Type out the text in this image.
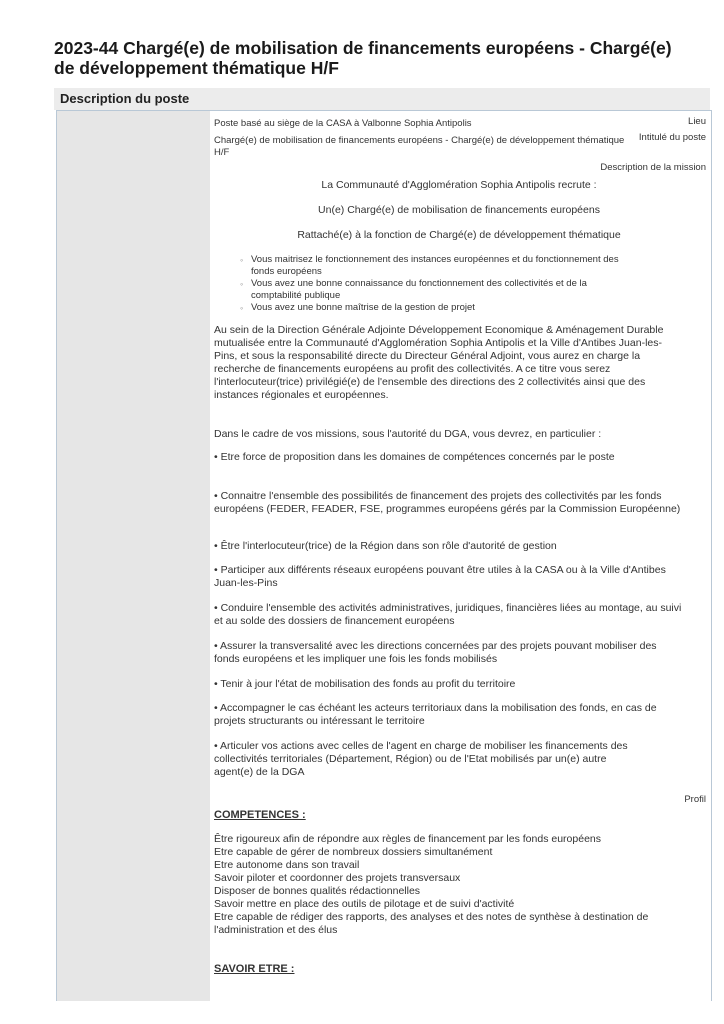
2023-44 Chargé(e) de mobilisation de financements européens - Chargé(e) de développement thématique H/F
Description du poste
Lieu
Poste basé au siège de la CASA à Valbonne Sophia Antipolis
Intitulé du poste
Chargé(e) de mobilisation de financements européens - Chargé(e) de développement thématique H/F
Description de la mission
La Communauté d'Agglomération Sophia Antipolis recrute :
Un(e) Chargé(e) de mobilisation de financements européens
Rattaché(e) à la fonction de Chargé(e) de développement thématique
◦ Vous maitrisez le fonctionnement des instances européennes et du fonctionnement des fonds européens
◦ Vous avez une bonne connaissance du fonctionnement des collectivités et de la comptabilité publique
◦ Vous avez une bonne maîtrise de la gestion de projet

Au sein de la Direction Générale Adjointe Développement Economique & Aménagement Durable mutualisée entre la Communauté d'Agglomération Sophia Antipolis et la Ville d'Antibes Juan-les-Pins, et sous la responsabilité directe du Directeur Général Adjoint, vous aurez en charge la recherche de financements européens au profit des collectivités. A ce titre vous serez l'interlocuteur(trice) privilégié(e) de l'ensemble des directions des 2 collectivités ainsi que des instances régionales et européennes.

Dans le cadre de vos missions, sous l'autorité du DGA, vous devrez, en particulier :

• Etre force de proposition dans les domaines de compétences concernés par le poste

• Connaitre l'ensemble des possibilités de financement des projets des collectivités par les fonds européens (FEDER, FEADER, FSE, programmes européens gérés par la Commission Européenne)

• Être l'interlocuteur(trice) de la Région dans son rôle d'autorité de gestion

• Participer aux différents réseaux européens pouvant être utiles à la CASA ou à la Ville d'Antibes Juan-les-Pins

• Conduire l'ensemble des activités administratives, juridiques, financières liées au montage, au suivi et au solde des dossiers de financement européens

• Assurer la transversalité avec les directions concernées par des projets pouvant mobiliser des fonds européens et les impliquer une fois les fonds mobilisés

• Tenir à jour l'état de mobilisation des fonds au profit du territoire

• Accompagner le cas échéant les acteurs territoriaux dans la mobilisation des fonds, en cas de projets structurants ou intéressant le territoire

• Articuler vos actions avec celles de l'agent en charge de mobiliser les financements des collectivités territoriales (Département, Région) ou de l'Etat mobilisés par un(e) autre agent(e) de la DGA

Profil
COMPETENCES :
Être rigoureux afin de répondre aux règles de financement par les fonds européens
Etre capable de gérer de nombreux dossiers simultanément
Etre autonome dans son travail
Savoir piloter et coordonner des projets transversaux
Disposer de bonnes qualités rédactionnelles
Savoir mettre en place des outils de pilotage et de suivi d'activité
Etre capable de rédiger des rapports, des analyses et des notes de synthèse à destination de l'administration et des élus
SAVOIR ETRE :
